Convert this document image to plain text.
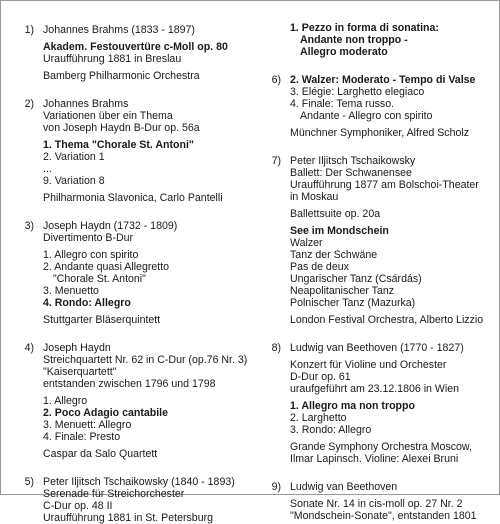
1) Johannes Brahms (1833 - 1897)
Akadem. Festouvertüre c-Moll op. 80
Uraufführung 1881 in Breslau
Bamberg Philharmonic Orchestra
2) Johannes Brahms
Variationen über ein Thema
von Joseph Haydn B-Dur op. 56a
1. Thema "Chorale St. Antoni"
2. Variation 1
...
9. Variation 8
Philharmonia Slavonica, Carlo Pantelli
3) Joseph Haydn (1732 - 1809)
Divertimento B-Dur
1. Allegro con spirito
2. Andante quasi Allegretto
"Chorale St. Antoni"
3. Menuetto
4. Rondo: Allegro
Stuttgarter Bläserquintett
4) Joseph Haydn
Streichquartett Nr. 62 in C-Dur (op.76 Nr. 3)
"Kaiserquartett"
entstanden zwischen 1796 und 1798
1. Allegro
2. Poco Adagio cantabile
3. Menuett: Allegro
4. Finale: Presto
Caspar da Salo Quartett
5) Peter Iljitsch Tschaikowsky (1840 - 1893)
Serenade für Streichorchester
C-Dur op. 48 II
Uraufführung 1881 in St. Petersburg
1. Pezzo in forma di sonatina:
Andante non troppo -
Allegro moderato
6) 2. Walzer: Moderato - Tempo di Valse
3. Elégie: Larghetto elegiaco
4. Finale: Tema russo.
Andante - Allegro con spirito
Münchner Symphoniker, Alfred Scholz
7) Peter Iljitsch Tschaikowsky
Ballett: Der Schwanensee
Uraufführung 1877 am Bolschoi-Theater
in Moskau
Ballettsuite op. 20a
See im Mondschein
Walzer
Tanz der Schwäne
Pas de deux
Ungarischer Tanz (Csárdás)
Neapolitanischer Tanz
Polnischer Tanz (Mazurka)
London Festival Orchestra, Alberto Lizzio
8) Ludwig van Beethoven (1770 - 1827)
Konzert für Violine und Orchester
D-Dur op. 61
uraufgeführt am 23.12.1806 in Wien
1. Allegro ma non troppo
2. Larghetto
3. Rondo: Allegro
Grande Symphony Orchestra Moscow,
Ilmar Lapinsch. Violine: Alexei Bruni
9) Ludwig van Beethoven
Sonate Nr. 14 in cis-moll op. 27 Nr. 2
"Mondschein-Sonate", entstanden 1801
